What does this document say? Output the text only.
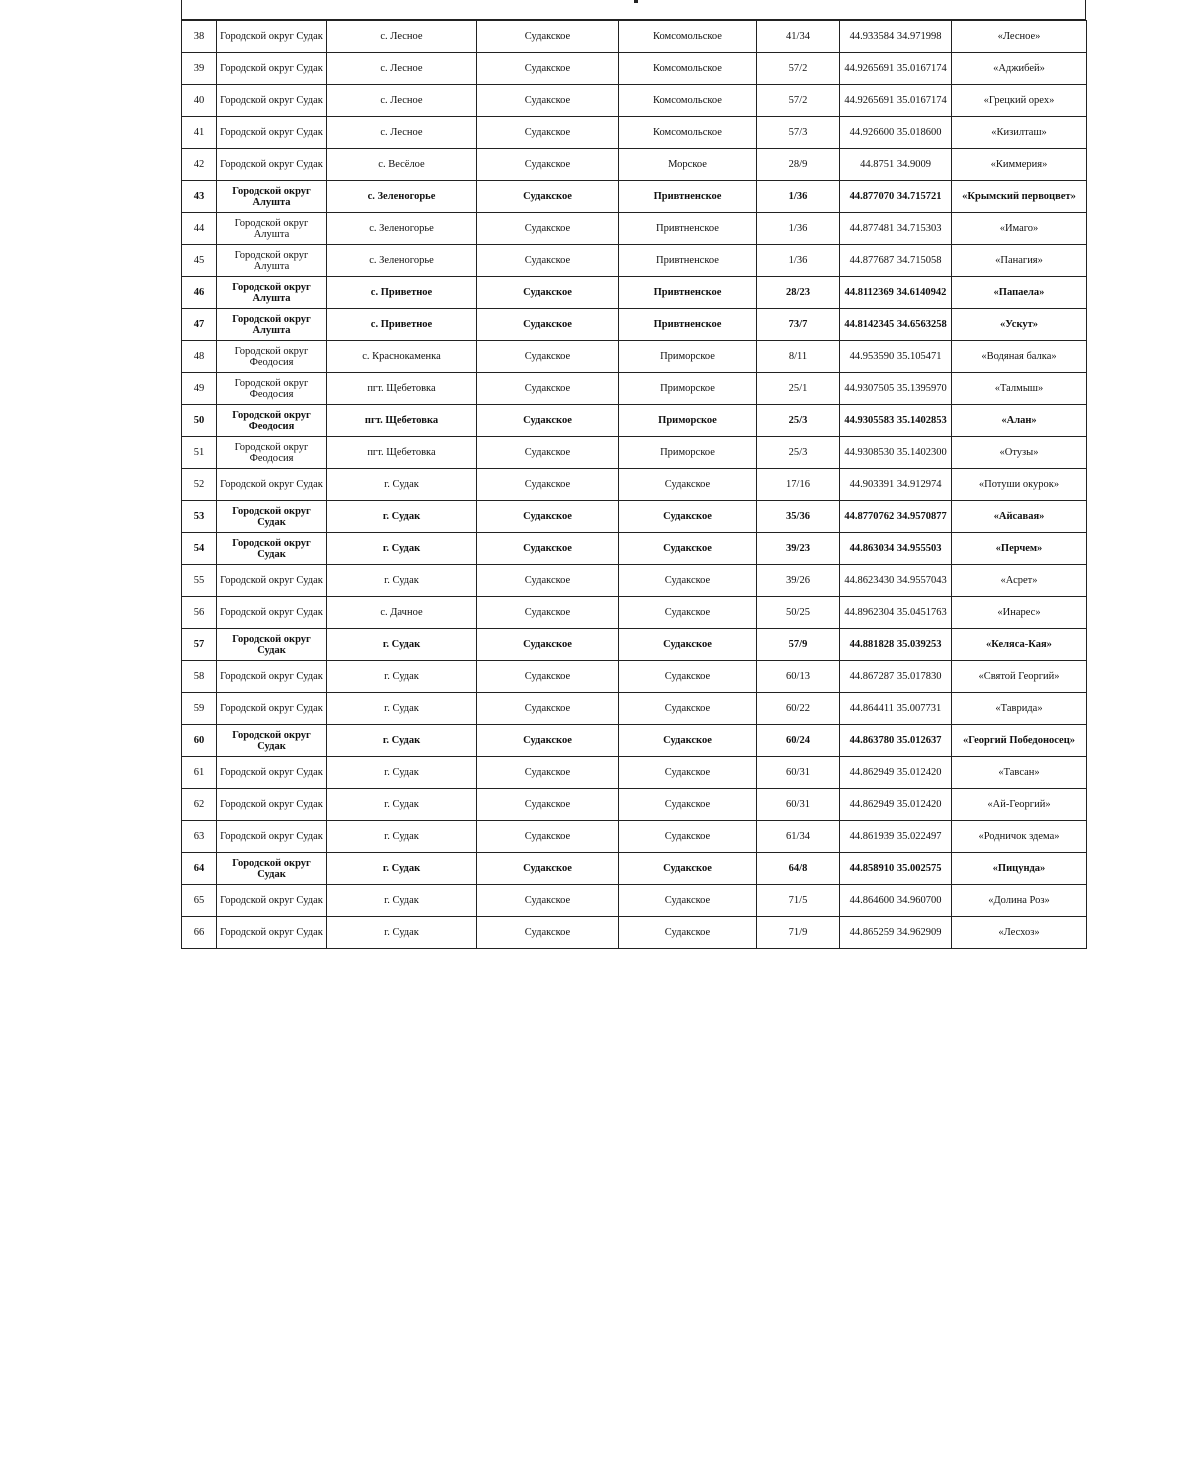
38	Городской округ Судак	с. Лесное	Судакское	Комсомольское	41/34	44.933584 34.971998	«Лесное»
39	Городской округ Судак	с. Лесное	Судакское	Комсомольское	57/2	44.9265691 35.0167174	«Аджибей»
40	Городской округ Судак	с. Лесное	Судакское	Комсомольское	57/2	44.9265691 35.0167174	«Грецкий орех»
41	Городской округ Судак	с. Лесное	Судакское	Комсомольское	57/3	44.926600 35.018600	«Кизилташ»
42	Городской округ Судак	с. Весёлое	Судакское	Морское	28/9	44.8751 34.9009	«Киммерия»
43	Городской округ Алушта	с. Зеленогорье	Судакское	Привтненское	1/36	44.877070 34.715721	«Крымский первоцвет»
44	Городской округ Алушта	с. Зеленогорье	Судакское	Привтненское	1/36	44.877481 34.715303	«Имаго»
45	Городской округ Алушта	с. Зеленогорье	Судакское	Привтненское	1/36	44.877687 34.715058	«Панагия»
46	Городской округ Алушта	с. Приветное	Судакское	Привтненское	28/23	44.8112369 34.6140942	«Папаела»
47	Городской округ Алушта	с. Приветное	Судакское	Привтненское	73/7	44.8142345 34.6563258	«Ускут»
48	Городской округ Феодосия	с. Краснокаменка	Судакское	Приморское	8/11	44.953590 35.105471	«Водяная балка»
49	Городской округ Феодосия	пгт. Щебетовка	Судакское	Приморское	25/1	44.9307505 35.1395970	«Талмыш»
50	Городской округ Феодосия	пгт. Щебетовка	Судакское	Приморское	25/3	44.9305583 35.1402853	«Алан»
51	Городской округ Феодосия	пгт. Щебетовка	Судакское	Приморское	25/3	44.9308530 35.1402300	«Отузы»
52	Городской округ Судак	г. Судак	Судакское	Судакское	17/16	44.903391 34.912974	«Потуши окурок»
53	Городской округ Судак	г. Судак	Судакское	Судакское	35/36	44.8770762 34.9570877	«Айсавая»
54	Городской округ Судак	г. Судак	Судакское	Судакское	39/23	44.863034 34.955503	«Перчем»
55	Городской округ Судак	г. Судак	Судакское	Судакское	39/26	44.8623430 34.9557043	«Асрет»
56	Городской округ Судак	с. Дачное	Судакское	Судакское	50/25	44.8962304 35.0451763	«Инарес»
57	Городской округ Судак	г. Судак	Судакское	Судакское	57/9	44.881828 35.039253	«Келяса-Кая»
58	Городской округ Судак	г. Судак	Судакское	Судакское	60/13	44.867287 35.017830	«Святой Георгий»
59	Городской округ Судак	г. Судак	Судакское	Судакское	60/22	44.864411 35.007731	«Таврида»
60	Городской округ Судак	г. Судак	Судакское	Судакское	60/24	44.863780 35.012637	«Георгий Победоносец»
61	Городской округ Судак	г. Судак	Судакское	Судакское	60/31	44.862949 35.012420	«Тавсан»
62	Городской округ Судак	г. Судак	Судакское	Судакское	60/31	44.862949 35.012420	«Ай-Георгий»
63	Городской округ Судак	г. Судак	Судакское	Судакское	61/34	44.861939 35.022497	«Родничок здема»
64	Городской округ Судак	г. Судак	Судакское	Судакское	64/8	44.858910 35.002575	«Пицунда»
65	Городской округ Судак	г. Судак	Судакское	Судакское	71/5	44.864600 34.960700	«Долина Роз»
66	Городской округ Судак	г. Судак	Судакское	Судакское	71/9	44.865259 34.962909	«Лесхоз»
